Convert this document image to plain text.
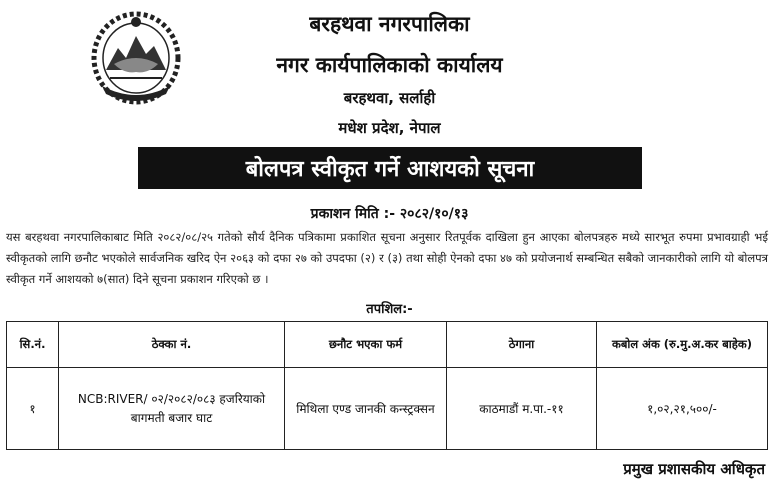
बरहथवा नगरपालिका
नगर कार्यपालिकाको कार्यालय
बरहथवा, सर्लाही
मधेश प्रदेश, नेपाल
बोलपत्र स्वीकृत गर्ने आशयको सूचना
प्रकाशन मिति :- २०८२/१०/१३
यस बरहथवा नगरपालिकाबाट मिति २०८२/०८/२५ गतेको सौर्य दैनिक पत्रिकामा प्रकाशित सूचना अनुसार रितपूर्वक दाखिला हुन आएका बोलपत्रहरु मध्ये सारभूत रुपमा प्रभावग्राही भई स्वीकृतको लागि छनौट भएकोले सार्वजनिक खरिद ऐन २०६३ को दफा २७ को उपदफा (२) र (३) तथा सोही ऐनको दफा ४७ को प्रयोजनार्थ सम्बन्धित सबैको जानकारीको लागि यो बोलपत्र स्वीकृत गर्ने आशयको ७(सात) दिने सूचना प्रकाशन गरिएको छ ।
तपशिल:-
सि.नं.	ठेक्का नं.	छनौट भएका फर्म	ठेगाना	कबोल अंक (रु.मु.अ.कर बाहेक)
१	NCB:RIVER/ ०२/२०८२/०८३ हजरियाको
बागमती बजार घाट	मिथिला एण्ड जानकी कन्स्ट्रक्सन	काठमाडौं म.पा.-११	१,०२,२१,५००/-
प्रमुख प्रशासकीय अधिकृत
